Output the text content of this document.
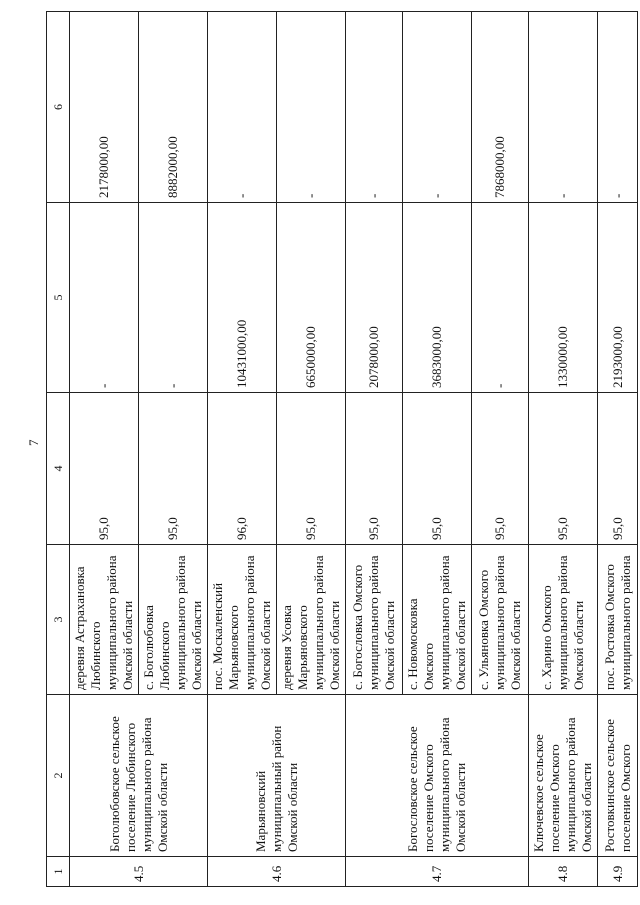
7
1	2	3	4	5	6
4.5	Боголюбовское сельское поселение Любинского муниципального района Омской области	деревня Астрахановка Любинского муниципального района Омской области	95,0	-	2178000,00
		с. Боголюбовка Любинского муниципального района Омской области	95,0	-	8882000,00
4.6	Марьяновский муниципальный район Омской области	пос. Москаленский Марьяновского муниципального района Омской области	96,0	10431000,00	-
		деревня Усовка Марьяновского муниципального района Омской области	95,0	6650000,00	-
4.7	Богословское сельское поселение Омского муниципального района Омской области	с. Богословка Омского муниципального района Омской области	95,0	2078000,00	-
		с. Новомосковка Омского муниципального района Омской области	95,0	3683000,00	-
		с. Ульяновка Омского муниципального района Омской области	95,0	-	7868000,00
4.8	Ключевское сельское поселение Омского муниципального района Омской области	с. Харино Омского муниципального района Омской области	95,0	1330000,00	-
4.9	Ростовкинское сельское поселение Омского	пос. Ростовка Омского муниципального района	95,0	2193000,00	-
